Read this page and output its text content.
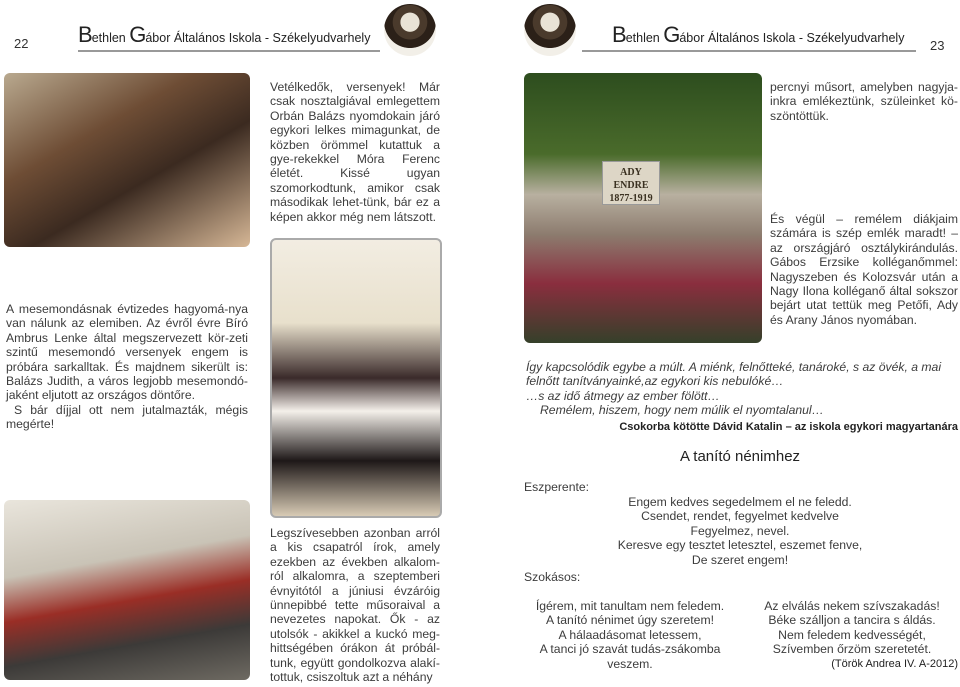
22 Bethlen Gábor Általános Iskola - Székelyudvarhely	Bethlen Gábor Általános Iskola - Székelyudvarhely 23

A mesemondásnak évtizedes hagyomá-nya van nálunk az elemiben. Az évről évre Bíró Ambrus Lenke által megszervezett kör-zeti szintű mesemondó versenyek engem is próbára sarkalltak. És majdnem sikerült is: Balázs Judith, a város legjobb mesemondó-jaként eljutott az országos döntőre.

S bár díjjal ott nem jutalmazták, mégis megérte!

Vetélkedők, versenyek! Már csak nosztalgiával emlegettem Orbán Balázs nyomdokain járó egykori lelkes mimagunkat, de közben örömmel kutattuk a gye-rekekkel Móra Ferenc életét. Kissé ugyan szomorkodtunk, amikor csak másodikak lehet-tünk, bár ez a képen akkor még nem látszott.
Legszívesebben azonban arról a kis csapatról írok, amely ezekben az években alkalom-ról alkalomra, a szeptemberi évnyitótól a júniusi évzáróig ünnepibbé tette műsoraival a nevezetes napokat. Ők - az utolsók - akikkel a kuckó meg-hittségében órákon át próbál-tunk, együtt gondolkozva alakí-tottuk, csiszoltuk azt a néhány
ADY ENDRE 1877-1919
percnyi műsort, amelyben nagyja-inkra emlékeztünk, szüleinket kö-szöntöttük.
És végül – remélem diákjaim számára is szép emlék maradt! – az országjáró osztálykirándulás. Gábos Erzsike kolléganőmmel: Nagyszeben és Kolozsvár után a Nagy Ilona kolléganő által sokszor bejárt utat tettük meg Petőfi, Ady és Arany János nyomában.

Így kapcsolódik egybe a múlt. A miénk, felnőtteké, tanároké, s az övék, a mai felnőtt tanítványainké,az egykori kis nebulóké…

…s az idő átmegy az ember fölött…

Remélem, hiszem, hogy nem múlik el nyomtalanul…

Csokorba kötötte Dávid Katalin – az iskola egykori magyartanára
A tanító nénimhez
Eszperente:

Engem kedves segedelmem el ne feledd.

Csendet, rendet, fegyelmet kedvelve

Fegyelmez, nevel.

Keresve egy tesztet letesztel, eszemet fenve,

De szeret engem!

Szokásos:

Ígérem, mit tanultam nem feledem.

A tanító nénimet úgy szeretem!

A hálaadásomat letessem,

A tanci jó szavát tudás-zsákomba

veszem.

Az elválás nekem szívszakadás!

Béke szálljon a tancira s áldás.

Nem feledem kedvességét,

Szívemben őrzöm szeretetét.

(Török Andrea IV. A-2012)
